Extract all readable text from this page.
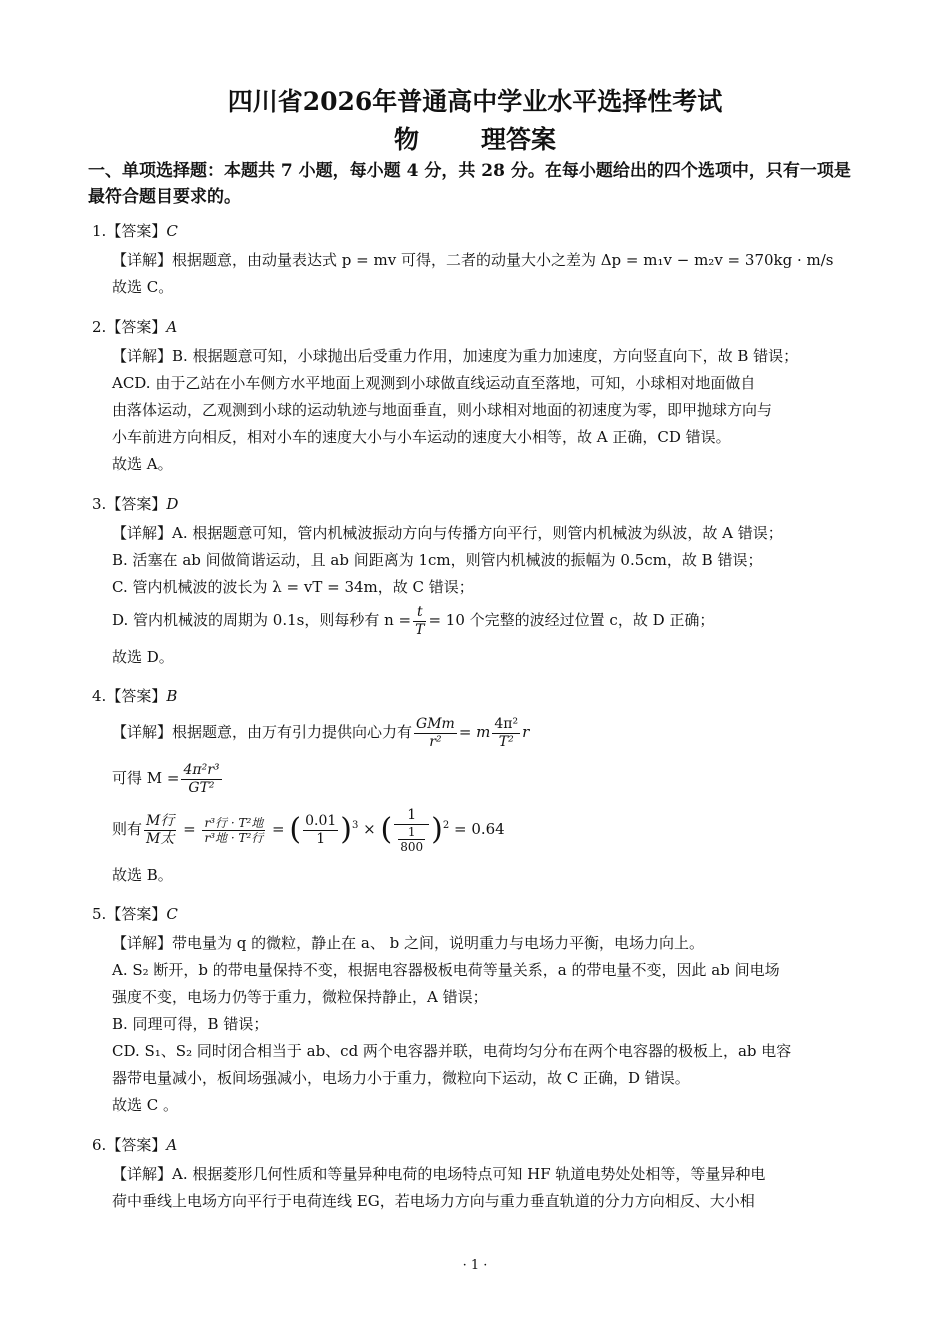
四川省2026年普通高中学业水平选择性考试
物 理答案
一、单项选择题：本题共 7 小题，每小题 4 分，共 28 分。在每小题给出的四个选项中，只有一项是
最符合题目要求的。
1.【答案】C
【详解】根据题意，由动量表达式 p = mv 可得，二者的动量大小之差为 Δp = m₁v − m₂v = 370kg · m/s
故选 C。
2.【答案】A
【详解】B. 根据题意可知，小球抛出后受重力作用，加速度为重力加速度，方向竖直向下，故 B 错误；
ACD. 由于乙站在小车侧方水平地面上观测到小球做直线运动直至落地，可知，小球相对地面做自
由落体运动，乙观测到小球的运动轨迹与地面垂直，则小球相对地面的初速度为零，即甲抛球方向与
小车前进方向相反，相对小车的速度大小与小车运动的速度大小相等，故 A 正确，CD 错误。
故选 A。
3.【答案】D
【详解】A. 根据题意可知，管内机械波振动方向与传播方向平行，则管内机械波为纵波，故 A 错误；
B. 活塞在 ab 间做简谐运动，且 ab 间距离为 1cm，则管内机械波的振幅为 0.5cm，故 B 错误；
C. 管内机械波的波长为 λ = vT = 34m，故 C 错误；
D. 管内机械波的周期为 0.1s，则每秒有 $n = \frac{t}{T} = 10$ 个完整的波经过位置 c，故 D 正确；
故选 D。
4.【答案】B
【详解】根据题意，由万有引力提供向心力有 $\frac{\text{GMm}}{\text{r²}} = m \frac{\text{4π²}}{\text{T²}}$ r
可得 $M = \frac{\text{4π²r³}}{\text{GT²}}$
则有 $\frac{\text{M行}}{\text{M太}} = \frac{\text{r³行 · T²地}}{\text{r³地 · T²行}}$ = ( $\frac{0.01}{1} )^3$ × ( $\frac{1}{\frac{1}{800}} )^2 = 0.64$
故选 B。
5.【答案】C
【详解】带电量为 q 的微粒，静止在 a、 b 之间，说明重力与电场力平衡，电场力向上。
A. S₂ 断开，b 的带电量保持不变，根据电容器极板电荷等量关系，a 的带电量不变，因此 ab 间电场
强度不变，电场力仍等于重力，微粒保持静止，A 错误；
B. 同理可得，B 错误；
CD. S₁、S₂ 同时闭合相当于 ab、cd 两个电容器并联，电荷均匀分布在两个电容器的极板上，ab 电容
器带电量减小，板间场强减小，电场力小于重力，微粒向下运动，故 C 正确，D 错误。
故选 C 。
6.【答案】A
【详解】A. 根据菱形几何性质和等量异种电荷的电场特点可知 HF 轨道电势处处相等，等量异种电
荷中垂线上电场方向平行于电荷连线 EG，若电场力方向与重力垂直轨道的分力方向相反、大小相
· 1 ·
